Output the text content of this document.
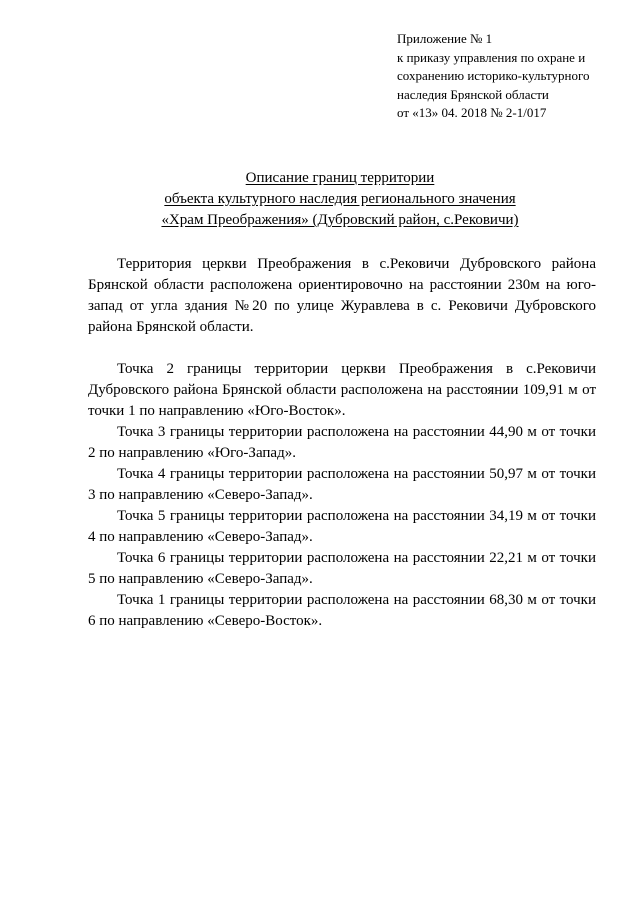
Приложение № 1
к приказу управления по охране и
сохранению историко-культурного
наследия Брянской области
от «13» 04. 2018 № 2-1/017
Описание границ территории
объекта культурного наследия регионального значения
«Храм Преображения» (Дубровский район, с.Рековичи)

Территория церкви Преображения в с.Рековичи Дубровского района Брянской области расположена ориентировочно на расстоянии 230м на юго-запад от угла здания №20 по улице Журавлева в с. Рековичи Дубровского района Брянской области.

Точка 2 границы территории церкви Преображения в с.Рековичи Дубровского района Брянской области расположена на расстоянии 109,91 м от точки 1 по направлению «Юго-Восток».

Точка 3 границы территории расположена на расстоянии 44,90 м от точки 2 по направлению «Юго-Запад».

Точка 4 границы территории расположена на расстоянии 50,97 м от точки 3 по направлению «Северо-Запад».

Точка 5 границы территории расположена на расстоянии 34,19 м от точки 4 по направлению «Северо-Запад».

Точка 6 границы территории расположена на расстоянии 22,21 м от точки 5 по направлению «Северо-Запад».

Точка 1 границы территории расположена на расстоянии 68,30 м от точки 6 по направлению «Северо-Восток».
